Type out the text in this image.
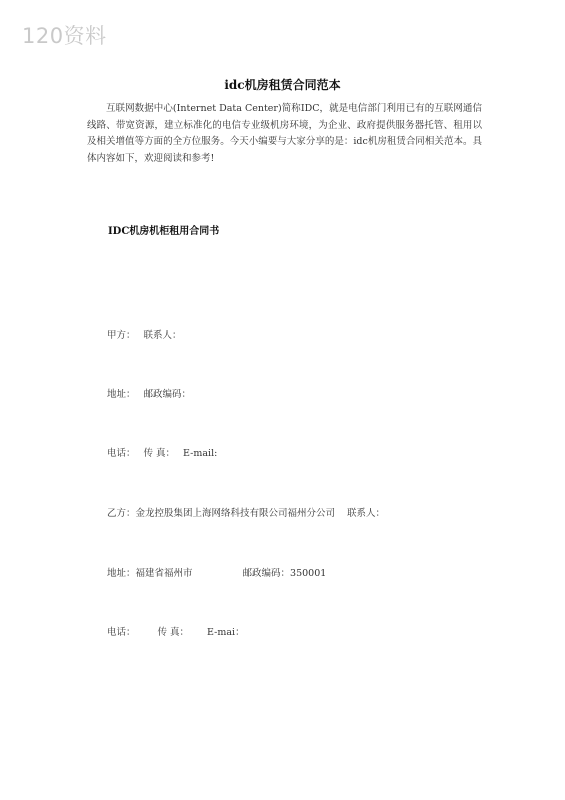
120资料
idc机房租赁合同范本

互联网数据中心(Internet Data Center)简称IDC，就是电信部门利用已有的互联网通信线路、带宽资源，建立标准化的电信专业级机房环境，为企业、政府提供服务器托管、租用以及相关增值等方面的全方位服务。今天小编要与大家分享的是：idc机房租赁合同相关范本。具体内容如下，欢迎阅读和参考!

IDC机房机柜租用合同书
甲方： 联系人：
地址： 邮政编码：
电话： 传 真： E-mail:
乙方：金龙控股集团上海网络科技有限公司福州分公司 联系人：
地址：福建省福州市	邮政编码：350001
电话： 传 真： E-mai：
